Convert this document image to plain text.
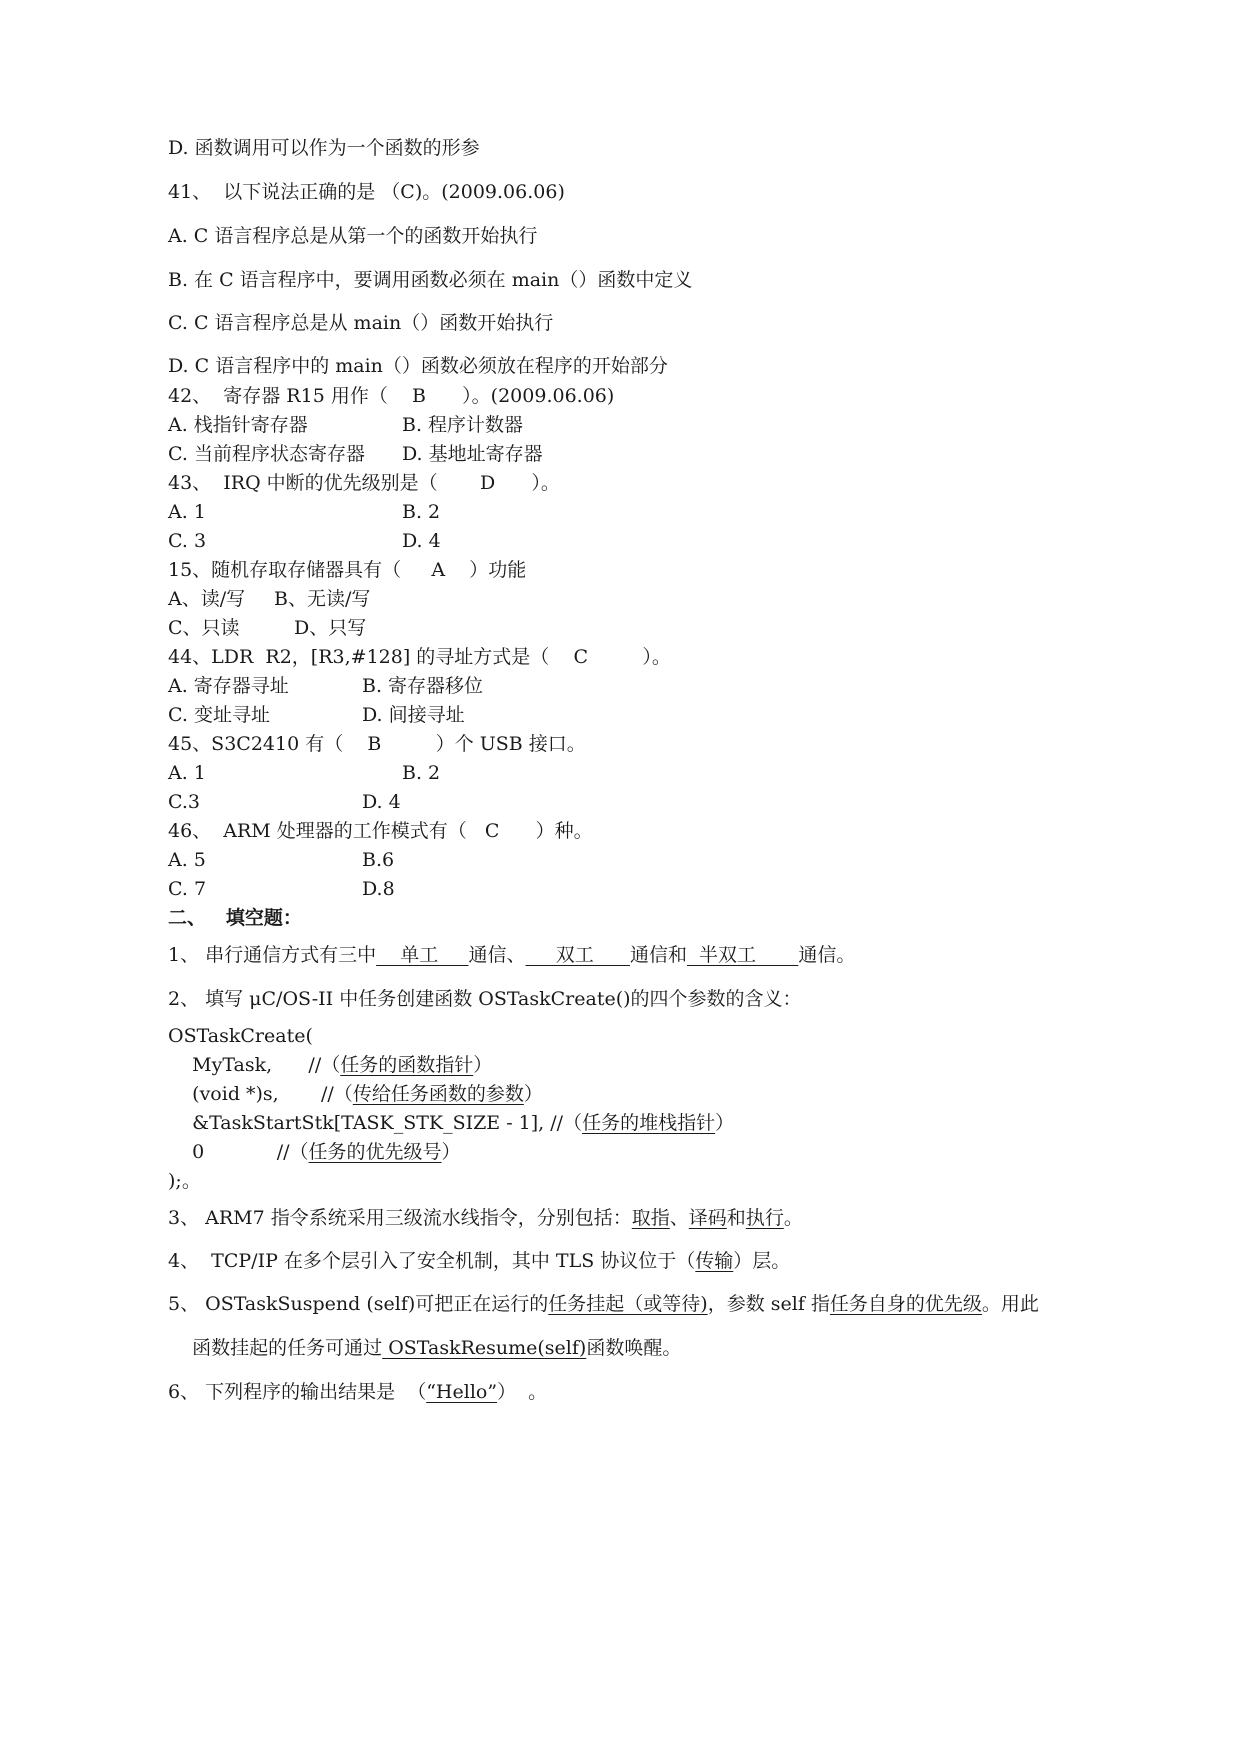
D. 函数调用可以作为一个函数的形参
41、  以下说法正确的是 （C)。(2009.06.06)
A. C 语言程序总是从第一个的函数开始执行
B. 在 C 语言程序中，要调用函数必须在 main（）函数中定义
C. C 语言程序总是从 main（）函数开始执行
D. C 语言程序中的 main（）函数必须放在程序的开始部分
42、  寄存器 R15 用作（    B      ）。(2009.06.06)
A. 栈指针寄存器	B. 程序计数器
C. 当前程序状态寄存器 D. 基地址寄存器
43、  IRQ 中断的优先级别是（       D      ）。
A. 1	B. 2
C. 3	D. 4
15、随机存取存储器具有（     A    ）功能
A、读/写 B、无读/写
C、只读	D、只写
44、LDR  R2，[R3,#128] 的寻址方式是（    C         ）。
A. 寄存器寻址	B. 寄存器移位
C. 变址寻址	D. 间接寻址
45、S3C2410 有（    B         ）个 USB 接口。
A. 1	B. 2
C.3	D. 4
46、  ARM 处理器的工作模式有（   C      ）种。
A. 5	B.6
C. 7	D.8
二、   填空题：
1、 串行通信方式有三中    单工     通信、     双工      通信和  半双工       通信。
2、 填写 μC/OS-II 中任务创建函数 OSTaskCreate()的四个参数的含义：
OSTaskCreate(
MyTask,      //（任务的函数指针）
(void *)s,       //（传给任务函数的参数）
&TaskStartStk[TASK_STK_SIZE - 1], //（任务的堆栈指针）
0            //（任务的优先级号）
);。
3、 ARM7 指令系统采用三级流水线指令，分别包括：取指、译码和执行。
4、  TCP/IP 在多个层引入了安全机制，其中 TLS 协议位于（传输）层。
5、 OSTaskSuspend (self)可把正在运行的任务挂起（或等待)，参数 self 指任务自身的优先级。用此
函数挂起的任务可通过 OSTaskResume(self)函数唤醒。
6、 下列程序的输出结果是  （“Hello”）  。
